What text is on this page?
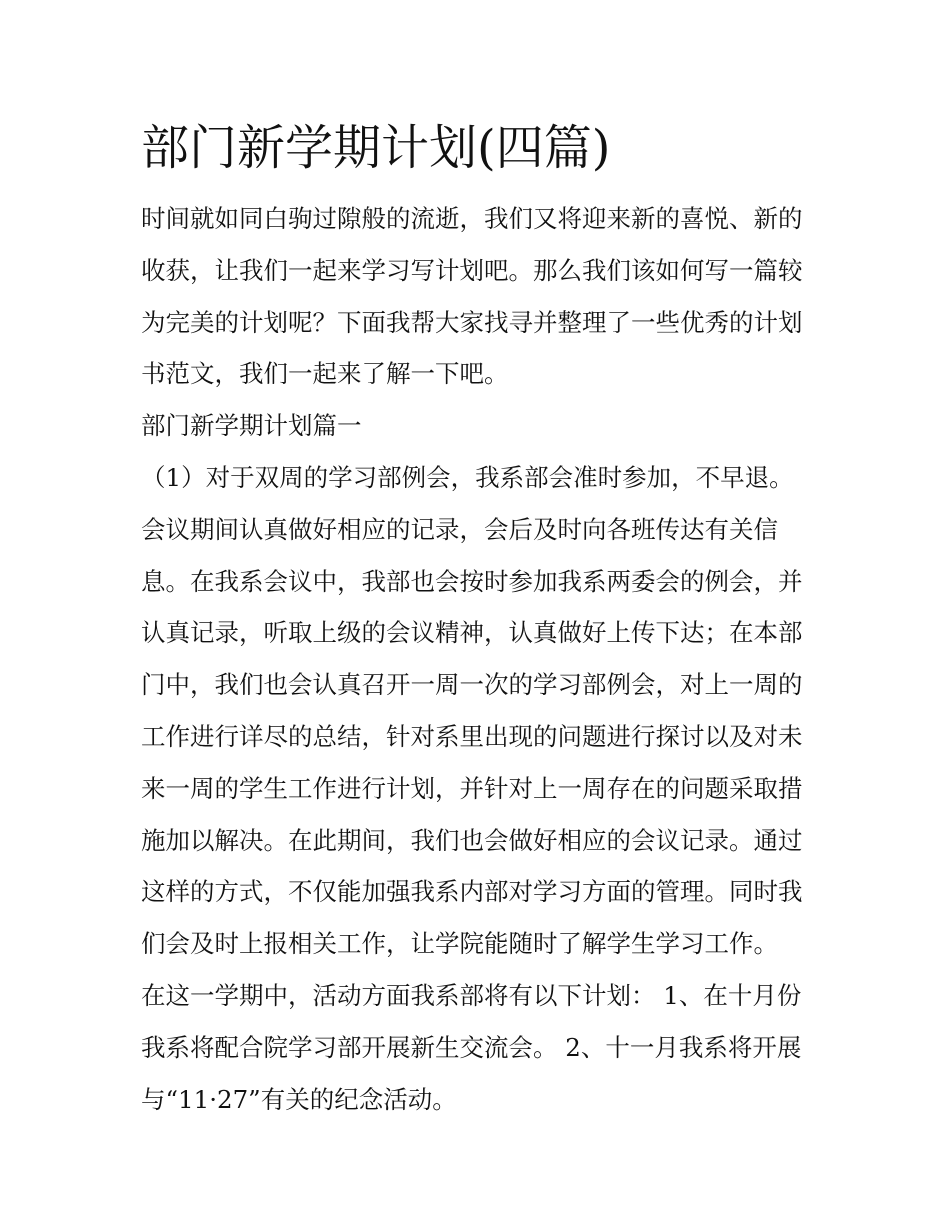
部门新学期计划(四篇)

时间就如同白驹过隙般的流逝，我们又将迎来新的喜悦、新的收获，让我们一起来学习写计划吧。那么我们该如何写一篇较为完美的计划呢？下面我帮大家找寻并整理了一些优秀的计划书范文，我们一起来了解一下吧。

部门新学期计划篇一

（1）对于双周的学习部例会，我系部会准时参加，不早退。会议期间认真做好相应的记录，会后及时向各班传达有关信息。在我系会议中，我部也会按时参加我系两委会的例会，并认真记录，听取上级的会议精神，认真做好上传下达；在本部门中，我们也会认真召开一周一次的学习部例会，对上一周的工作进行详尽的总结，针对系里出现的问题进行探讨以及对未来一周的学生工作进行计划，并针对上一周存在的问题采取措施加以解决。在此期间，我们也会做好相应的会议记录。通过这样的方式，不仅能加强我系内部对学习方面的管理。同时我们会及时上报相关工作，让学院能随时了解学生学习工作。

在这一学期中，活动方面我系部将有以下计划： 1、在十月份我系将配合院学习部开展新生交流会。 2、十一月我系将开展与“11·27”有关的纪念活动。
